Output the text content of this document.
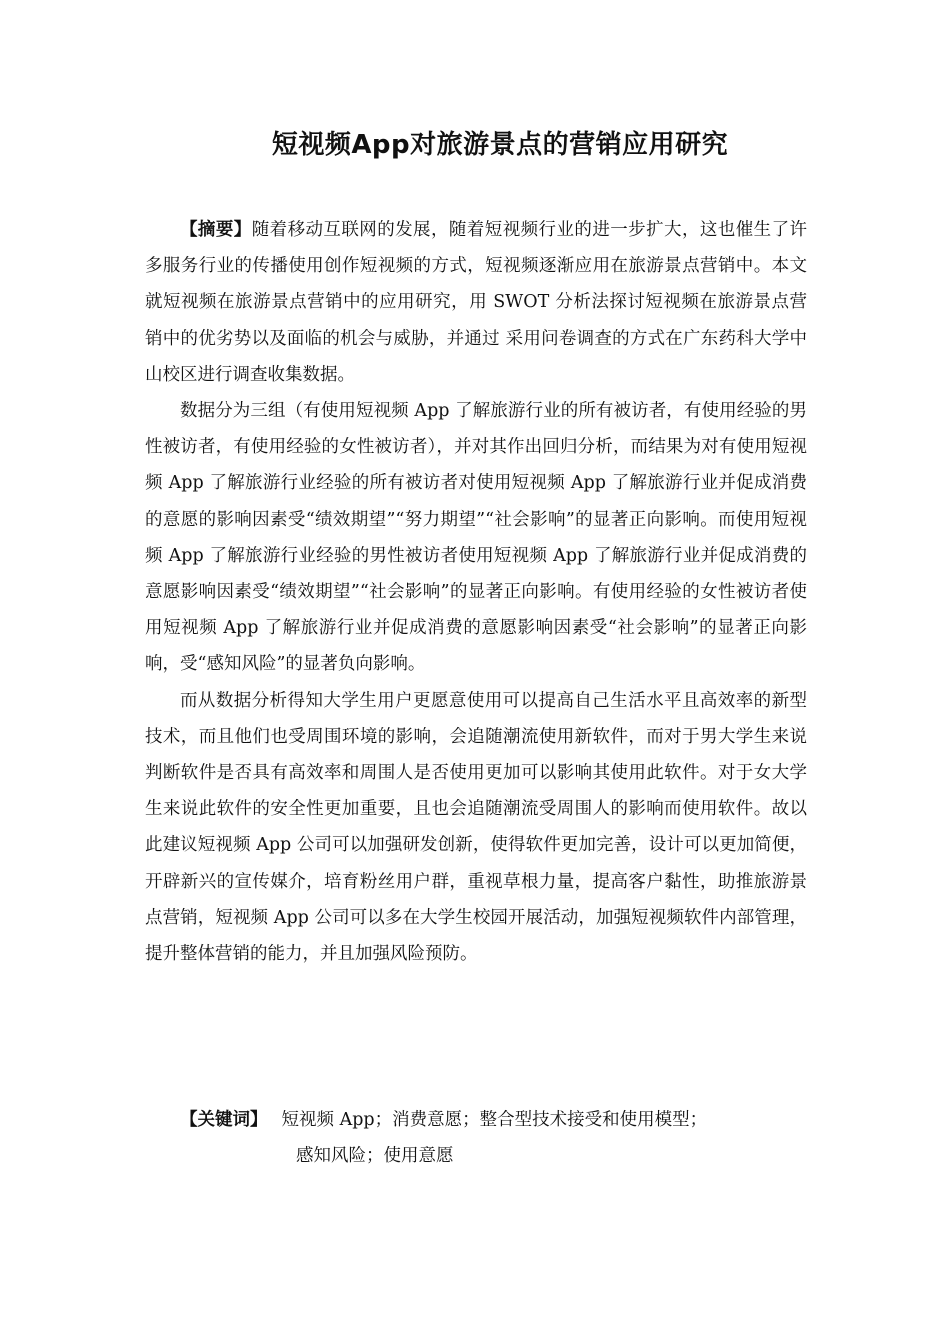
短视频App对旅游景点的营销应用研究

【摘要】随着移动互联网的发展，随着短视频行业的进一步扩大，这也催生了许多服务行业的传播使用创作短视频的方式，短视频逐渐应用在旅游景点营销中。本文就短视频在旅游景点营销中的应用研究，用 SWOT 分析法探讨短视频在旅游景点营销中的优劣势以及面临的机会与威胁，并通过 采用问卷调查的方式在广东药科大学中山校区进行调查收集数据。

数据分为三组（有使用短视频 App 了解旅游行业的所有被访者，有使用经验的男性被访者，有使用经验的女性被访者），并对其作出回归分析，而结果为对有使用短视频 App 了解旅游行业经验的所有被访者对使用短视频 App 了解旅游行业并促成消费的意愿的影响因素受“绩效期望”“努力期望”“社会影响”的显著正向影响。而使用短视频 App 了解旅游行业经验的男性被访者使用短视频 App 了解旅游行业并促成消费的意愿影响因素受“绩效期望”“社会影响”的显著正向影响。有使用经验的女性被访者使用短视频 App 了解旅游行业并促成消费的意愿影响因素受“社会影响”的显著正向影响，受“感知风险”的显著负向影响。

而从数据分析得知大学生用户更愿意使用可以提高自己生活水平且高效率的新型技术，而且他们也受周围环境的影响，会追随潮流使用新软件，而对于男大学生来说判断软件是否具有高效率和周围人是否使用更加可以影响其使用此软件。对于女大学生来说此软件的安全性更加重要，且也会追随潮流受周围人的影响而使用软件。故以此建议短视频 App 公司可以加强研发创新，使得软件更加完善，设计可以更加简便，开辟新兴的宣传媒介，培育粉丝用户群，重视草根力量，提高客户黏性，助推旅游景点营销，短视频 App 公司可以多在大学生校园开展活动，加强短视频软件内部管理，提升整体营销的能力，并且加强风险预防。

【关键词】 短视频 App；消费意愿；整合型技术接受和使用模型；
感知风险；使用意愿
